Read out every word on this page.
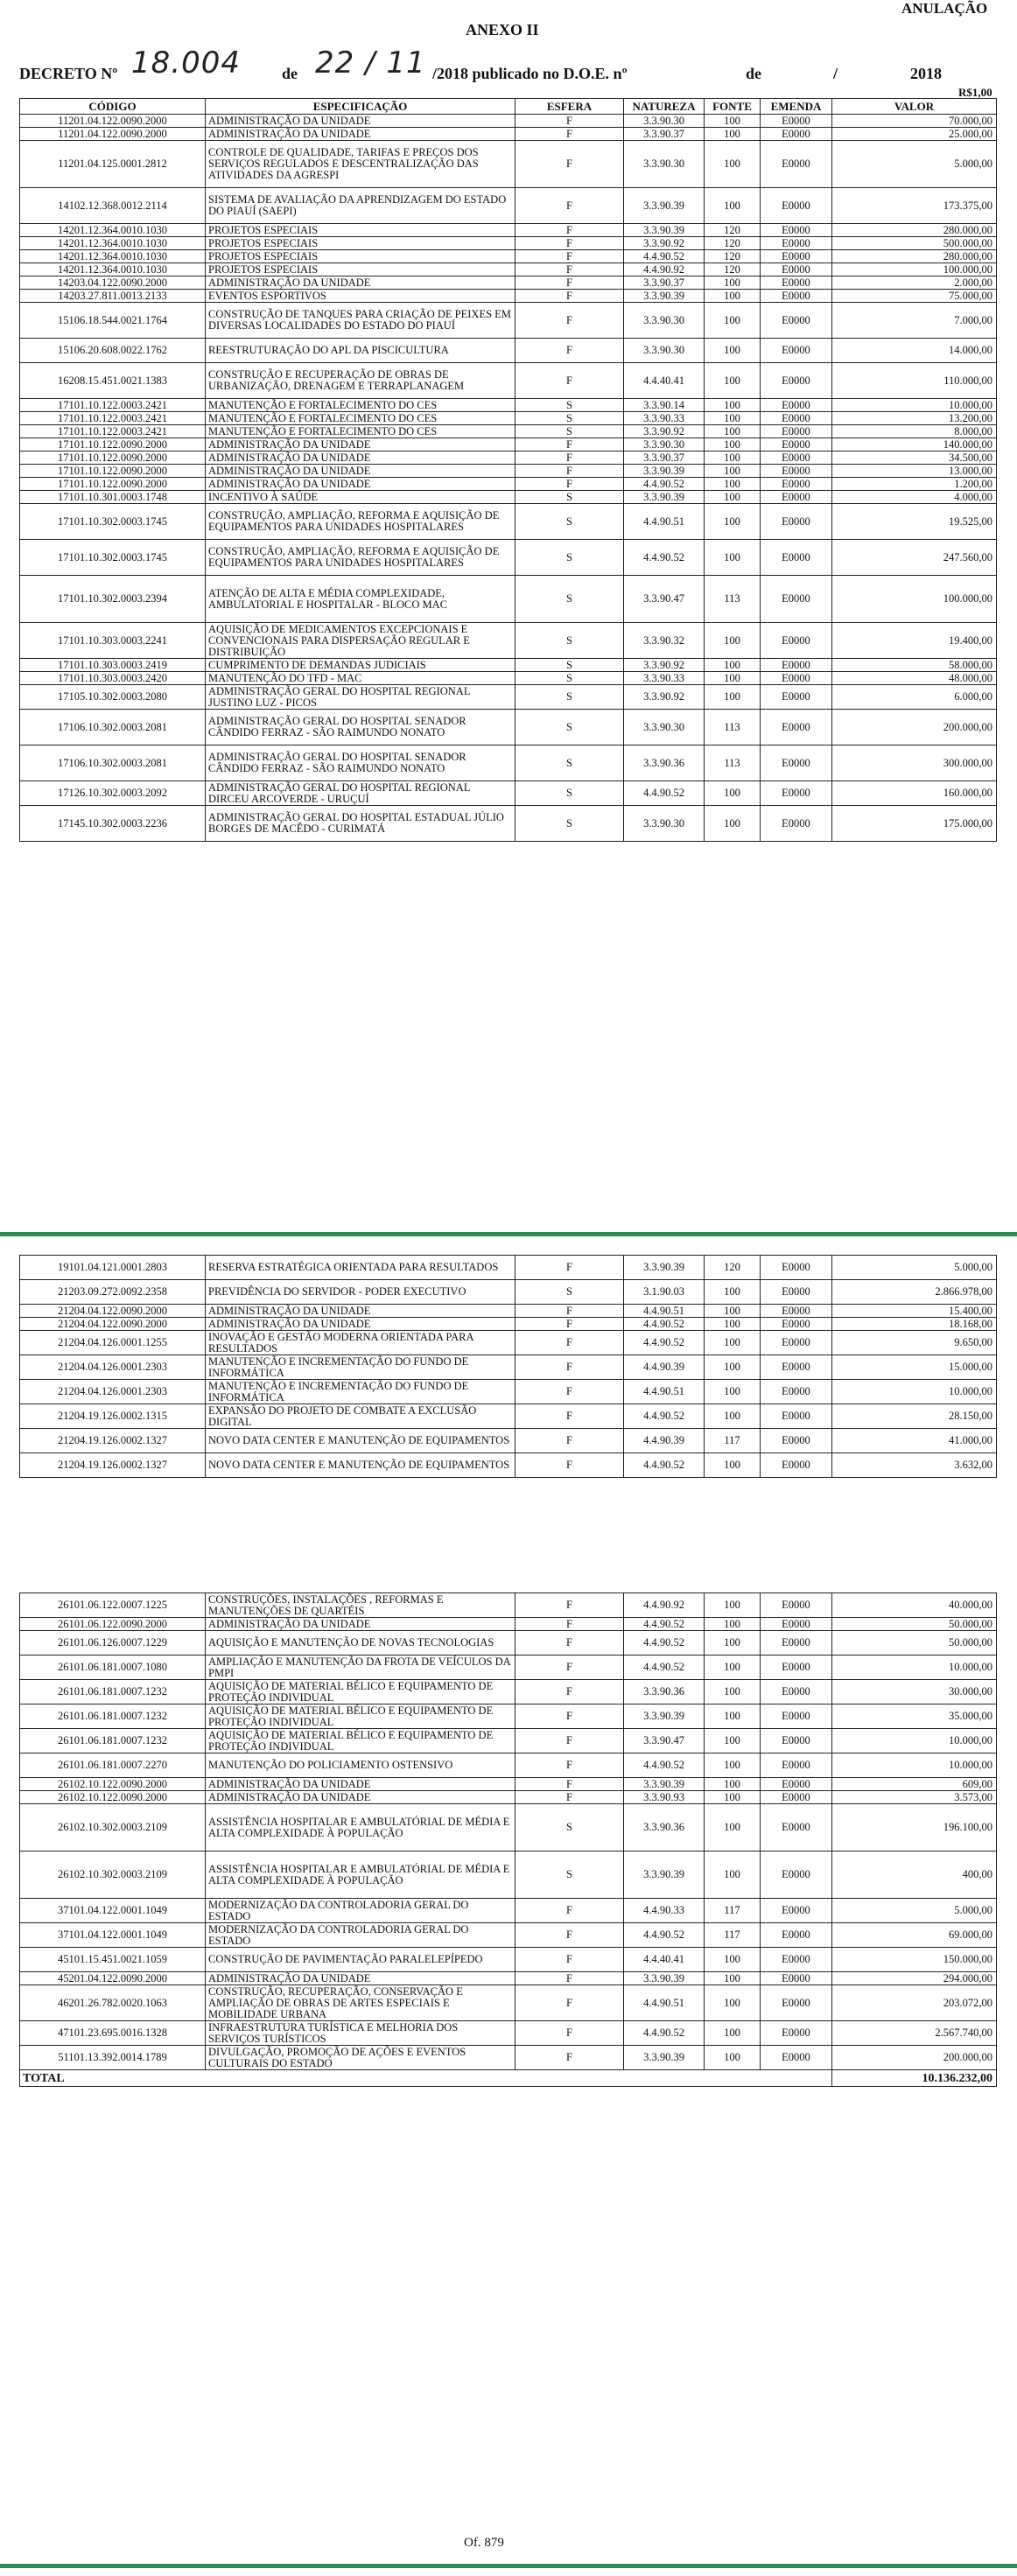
ANULAÇÃO
ANEXO II
DECRETO Nº 18.004	de 22 / 11 /2018 publicado no D.O.E. nº	de	/	2018
R$1,00
CÓDIGO	ESPECIFICAÇÃO	ESFERA	NATUREZA	FONTE	EMENDA	VALOR
11201.04.122.0090.2000	ADMINISTRAÇÃO DA UNIDADE	F	3.3.90.30	100	E0000	70.000,00
11201.04.122.0090.2000	ADMINISTRAÇÃO DA UNIDADE	F	3.3.90.37	100	E0000	25.000,00
11201.04.125.0001.2812	CONTROLE DE QUALIDADE, TARIFAS E PREÇOS DOS SERVIÇOS REGULADOS E DESCENTRALIZAÇÃO DAS ATIVIDADES DA AGRESPI	F	3.3.90.30	100	E0000	5.000,00
14102.12.368.0012.2114	SISTEMA DE AVALIAÇÃO DA APRENDIZAGEM DO ESTADO DO PIAUÍ (SAEPI)	F	3.3.90.39	100	E0000	173.375,00
14201.12.364.0010.1030	PROJETOS ESPECIAIS	F	3.3.90.39	120	E0000	280.000,00
14201.12.364.0010.1030	PROJETOS ESPECIAIS	F	3.3.90.92	120	E0000	500.000,00
14201.12.364.0010.1030	PROJETOS ESPECIAIS	F	4.4.90.52	120	E0000	280.000,00
14201.12.364.0010.1030	PROJETOS ESPECIAIS	F	4.4.90.92	120	E0000	100.000,00
14203.04.122.0090.2000	ADMINISTRAÇÃO DA UNIDADE	F	3.3.90.37	100	E0000	2.000,00
14203.27.811.0013.2133	EVENTOS ESPORTIVOS	F	3.3.90.39	100	E0000	75.000,00
15106.18.544.0021.1764	CONSTRUÇÃO DE TANQUES PARA CRIAÇÃO DE PEIXES EM DIVERSAS LOCALIDADES DO ESTADO DO PIAUÍ	F	3.3.90.30	100	E0000	7.000,00
15106.20.608.0022.1762	REESTRUTURAÇÃO DO APL DA PISCICULTURA	F	3.3.90.30	100	E0000	14.000,00
16208.15.451.0021.1383	CONSTRUÇÃO E RECUPERAÇÃO DE OBRAS DE URBANIZAÇÃO, DRENAGEM E TERRAPLANAGEM	F	4.4.40.41	100	E0000	110.000,00
17101.10.122.0003.2421	MANUTENÇÃO E FORTALECIMENTO DO CES	S	3.3.90.14	100	E0000	10.000,00
17101.10.122.0003.2421	MANUTENÇÃO E FORTALECIMENTO DO CES	S	3.3.90.33	100	E0000	13.200,00
17101.10.122.0003.2421	MANUTENÇÃO E FORTALECIMENTO DO CES	S	3.3.90.92	100	E0000	8.000,00
17101.10.122.0090.2000	ADMINISTRAÇÃO DA UNIDADE	F	3.3.90.30	100	E0000	140.000,00
17101.10.122.0090.2000	ADMINISTRAÇÃO DA UNIDADE	F	3.3.90.37	100	E0000	34.500,00
17101.10.122.0090.2000	ADMINISTRAÇÃO DA UNIDADE	F	3.3.90.39	100	E0000	13.000,00
17101.10.122.0090.2000	ADMINISTRAÇÃO DA UNIDADE	F	4.4.90.52	100	E0000	1.200,00
17101.10.301.0003.1748	INCENTIVO À SAÚDE	S	3.3.90.39	100	E0000	4.000,00
17101.10.302.0003.1745	CONSTRUÇÃO, AMPLIAÇÃO, REFORMA E AQUISIÇÃO DE EQUIPAMENTOS PARA UNIDADES HOSPITALARES	S	4.4.90.51	100	E0000	19.525,00
17101.10.302.0003.1745	CONSTRUÇÃO, AMPLIAÇÃO, REFORMA E AQUISIÇÃO DE EQUIPAMENTOS PARA UNIDADES HOSPITALARES	S	4.4.90.52	100	E0000	247.560,00
17101.10.302.0003.2394	ATENÇÃO DE ALTA E MÉDIA COMPLEXIDADE, AMBULATORIAL E HOSPITALAR - BLOCO MAC	S	3.3.90.47	113	E0000	100.000,00
17101.10.303.0003.2241	AQUISIÇÃO DE MEDICAMENTOS EXCEPCIONAIS E CONVENCIONAIS PARA DISPERSAÇÃO REGULAR E DISTRIBUIÇÃO	S	3.3.90.32	100	E0000	19.400,00
17101.10.303.0003.2419	CUMPRIMENTO DE DEMANDAS JUDICIAIS	S	3.3.90.92	100	E0000	58.000,00
17101.10.303.0003.2420	MANUTENÇÃO DO TFD - MAC	S	3.3.90.33	100	E0000	48.000,00
17105.10.302.0003.2080	ADMINISTRAÇÃO GERAL DO HOSPITAL REGIONAL JUSTINO LUZ - PICOS	S	3.3.90.92	100	E0000	6.000,00
17106.10.302.0003.2081	ADMINISTRAÇÃO GERAL DO HOSPITAL SENADOR CÂNDIDO FERRAZ - SÃO RAIMUNDO NONATO	S	3.3.90.30	113	E0000	200.000,00
17106.10.302.0003.2081	ADMINISTRAÇÃO GERAL DO HOSPITAL SENADOR CÂNDIDO FERRAZ - SÃO RAIMUNDO NONATO	S	3.3.90.36	113	E0000	300.000,00
17126.10.302.0003.2092	ADMINISTRAÇÃO GERAL DO HOSPITAL REGIONAL DIRCEU ARCOVERDE - URUÇUÍ	S	4.4.90.52	100	E0000	160.000,00
17145.10.302.0003.2236	ADMINISTRAÇÃO GERAL DO HOSPITAL ESTADUAL JÚLIO BORGES DE MACÊDO - CURIMATÁ	S	3.3.90.30	100	E0000	175.000,00
19101.04.121.0001.2803	RESERVA ESTRATÉGICA ORIENTADA PARA RESULTADOS	F	3.3.90.39	120	E0000	5.000,00
21203.09.272.0092.2358	PREVIDÊNCIA DO SERVIDOR - PODER EXECUTIVO	S	3.1.90.03	100	E0000	2.866.978,00
21204.04.122.0090.2000	ADMINISTRAÇÃO DA UNIDADE	F	4.4.90.51	100	E0000	15.400,00
21204.04.122.0090.2000	ADMINISTRAÇÃO DA UNIDADE	F	4.4.90.52	100	E0000	18.168,00
21204.04.126.0001.1255	INOVAÇÃO E GESTÃO MODERNA ORIENTADA PARA RESULTADOS	F	4.4.90.52	100	E0000	9.650,00
21204.04.126.0001.2303	MANUTENÇÃO E INCREMENTAÇÃO DO FUNDO DE INFORMÁTICA	F	4.4.90.39	100	E0000	15.000,00
21204.04.126.0001.2303	MANUTENÇÃO E INCREMENTAÇÃO DO FUNDO DE INFORMÁTICA	F	4.4.90.51	100	E0000	10.000,00
21204.19.126.0002.1315	EXPANSÃO DO PROJETO DE COMBATE A EXCLUSÃO DIGITAL	F	4.4.90.52	100	E0000	28.150,00
21204.19.126.0002.1327	NOVO DATA CENTER E MANUTENÇÃO DE EQUIPAMENTOS	F	4.4.90.39	117	E0000	41.000,00
21204.19.126.0002.1327	NOVO DATA CENTER E MANUTENÇÃO DE EQUIPAMENTOS	F	4.4.90.52	100	E0000	3.632,00
26101.06.122.0007.1225	CONSTRUÇÕES, INSTALAÇÕES , REFORMAS E MANUTENÇÕES DE QUARTÉIS	F	4.4.90.92	100	E0000	40.000,00
26101.06.122.0090.2000	ADMINISTRAÇÃO DA UNIDADE	F	4.4.90.52	100	E0000	50.000,00
26101.06.126.0007.1229	AQUISIÇÃO E MANUTENÇÃO DE NOVAS TECNOLOGIAS	F	4.4.90.52	100	E0000	50.000,00
26101.06.181.0007.1080	AMPLIAÇÃO E MANUTENÇÃO DA FROTA DE VEÍCULOS DA PMPI	F	4.4.90.52	100	E0000	10.000,00
26101.06.181.0007.1232	AQUISIÇÃO DE MATERIAL BÉLICO E EQUIPAMENTO DE PROTEÇÃO INDIVIDUAL	F	3.3.90.36	100	E0000	30.000,00
26101.06.181.0007.1232	AQUISIÇÃO DE MATERIAL BÉLICO E EQUIPAMENTO DE PROTEÇÃO INDIVIDUAL	F	3.3.90.39	100	E0000	35.000,00
26101.06.181.0007.1232	AQUISIÇÃO DE MATERIAL BÉLICO E EQUIPAMENTO DE PROTEÇÃO INDIVIDUAL	F	3.3.90.47	100	E0000	10.000,00
26101.06.181.0007.2270	MANUTENÇÃO DO POLICIAMENTO OSTENSIVO	F	4.4.90.52	100	E0000	10.000,00
26102.10.122.0090.2000	ADMINISTRAÇÃO DA UNIDADE	F	3.3.90.39	100	E0000	609,00
26102.10.122.0090.2000	ADMINISTRAÇÃO DA UNIDADE	F	3.3.90.93	100	E0000	3.573,00
26102.10.302.0003.2109	ASSISTÊNCIA HOSPITALAR E AMBULATÓRIAL DE MÉDIA E ALTA COMPLEXIDADE À POPULAÇÃO	S	3.3.90.36	100	E0000	196.100,00
26102.10.302.0003.2109	ASSISTÊNCIA HOSPITALAR E AMBULATÓRIAL DE MÉDIA E ALTA COMPLEXIDADE À POPULAÇÃO	S	3.3.90.39	100	E0000	400,00
37101.04.122.0001.1049	MODERNIZAÇÃO DA CONTROLADORIA GERAL DO ESTADO	F	4.4.90.33	117	E0000	5.000,00
37101.04.122.0001.1049	MODERNIZAÇÃO DA CONTROLADORIA GERAL DO ESTADO	F	4.4.90.52	117	E0000	69.000,00
45101.15.451.0021.1059	CONSTRUÇÃO DE PAVIMENTAÇÃO PARALELEPÍPEDO	F	4.4.40.41	100	E0000	150.000,00
45201.04.122.0090.2000	ADMINISTRAÇÃO DA UNIDADE	F	3.3.90.39	100	E0000	294.000,00
46201.26.782.0020.1063	CONSTRUÇÃO, RECUPERAÇÃO, CONSERVAÇÃO E AMPLIAÇÃO DE OBRAS DE ARTES ESPECIAIS E MOBILIDADE URBANA	F	4.4.90.51	100	E0000	203.072,00
47101.23.695.0016.1328	INFRAESTRUTURA TURÍSTICA E MELHORIA DOS SERVIÇOS TURÍSTICOS	F	4.4.90.52	100	E0000	2.567.740,00
51101.13.392.0014.1789	DIVULGAÇÃO, PROMOÇÃO DE AÇÕES E EVENTOS CULTURAIS DO ESTADO	F	3.3.90.39	100	E0000	200.000,00
TOTAL						10.136.232,00
Of. 879
